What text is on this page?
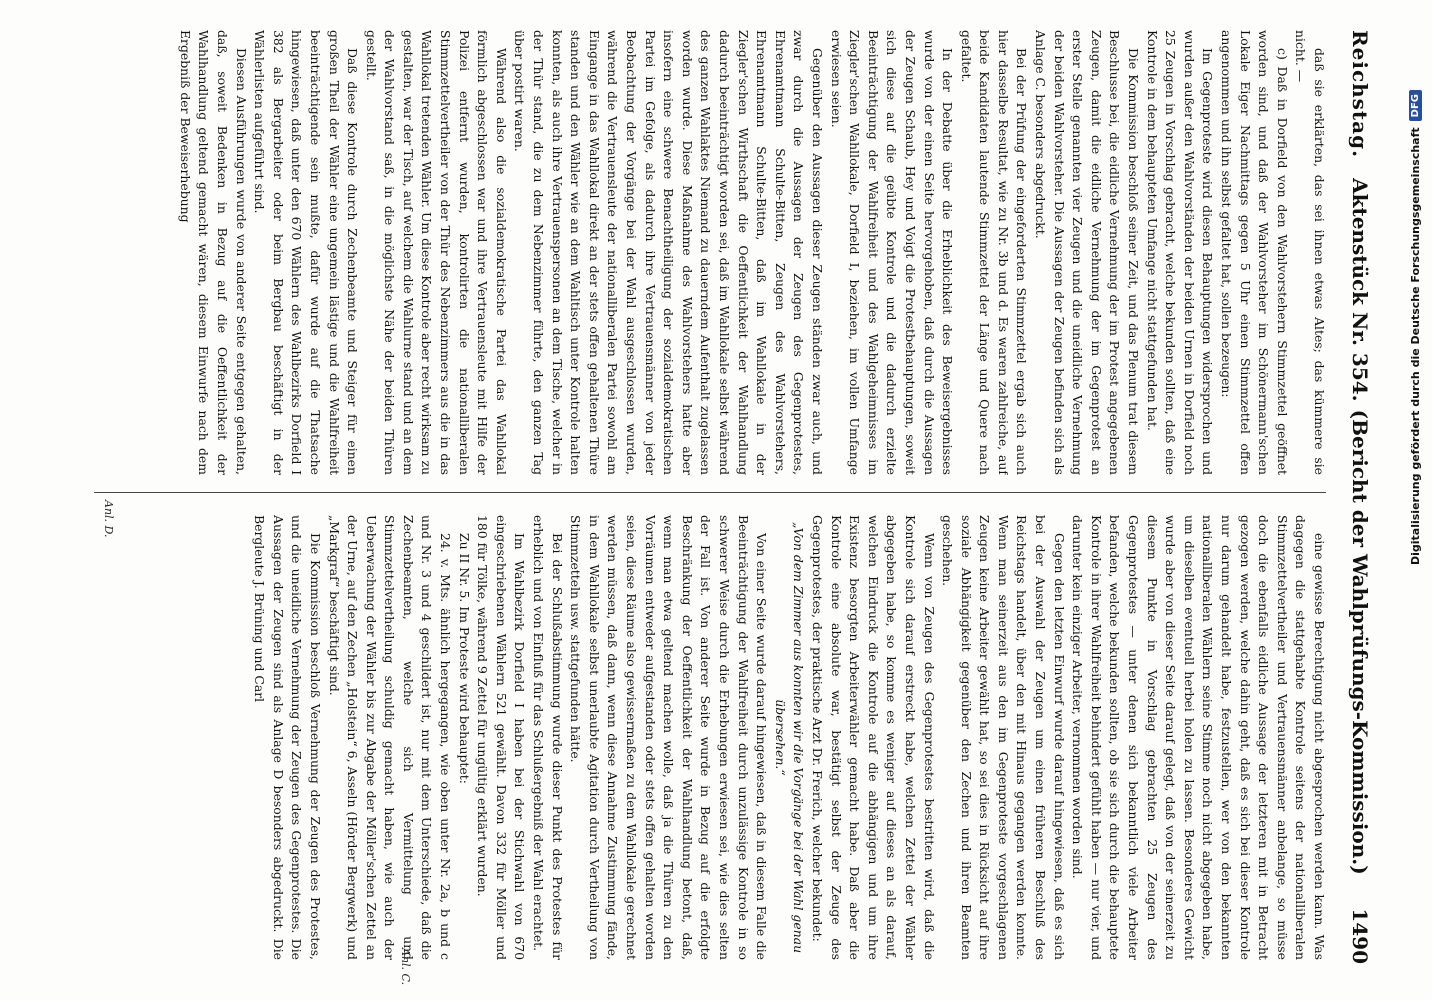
Reichstag.
Aktenstück Nr. 354.
(Bericht der Wahlprüfungs-Kommission.)
1490

daß sie erklärten, das sei ihnen etwas Altes; das kümmere sie nicht. —

c) Daß in Dorfield von den Wahlvorstehern Stimmzettel geöffnet worden sind, und daß der Wahlvorsteher im Schönermann'schen Lokale Eiger Nachmittags gegen 5 Uhr einen Stimmzettel offen angenommen und ihn selbst gefaltet hat, sollen bezeugen:

Im Gegenproteste wird diesen Behauptungen widersprochen und wurden außer den Wahlvorständen der beiden Urnen in Dorfield noch 25 Zeugen in Vorschlag gebracht, welche bekunden sollten, daß eine Kontrole in dem behaupteten Umfange nicht stattgefunden hat.

Die Kommission beschloß seiner Zeit, und das Plenum trat diesem Beschlusse bei, die eidliche Vernehmung der im Protest angegebenen Zeugen, damit die eidliche Vernehmung der im Gegenprotest an erster Stelle genannten vier Zeugen und die uneidliche Vernehmung der beiden Wahlvorsteher. Die Aussagen der Zeugen befinden sich als Anlage C. besonders abgedruckt.

Bei der Prüfung der eingeforderten Stimmzettel ergab sich auch hier dasselbe Resultat, wie zu Nr. 3b und d. Es waren zahlreiche, auf beide Kandidaten lautende Stimmzettel der Länge und Quere nach gefaltet.

In der Debatte über die Erheblichkeit des Beweisergebnisses wurde von der einen Seite hervorgehoben, daß durch die Aussagen der Zeugen Schaub, Hey und Voigt die Protestbehauptungen, soweit sich diese auf die geübte Kontrole und die dadurch erzielte Beeinträchtigung der Wahlfreiheit und des Wahlgeheimnisses im Ziegler'schen Wahllokale, Dorfield I, beziehen, im vollen Umfange erwiesen seien.

Gegenüber den Aussagen dieser Zeugen ständen zwar auch, und zwar durch die Aussagen der Zeugen des Gegenprotestes, Ehrenamtmann Schulte-Bitten, Zeugen des Wahlvorstehers, Ehrenamtmann Schulte-Bitten, daß im Wahllokale in der Ziegler'schen Wirthschaft die Oeffentlichkeit der Wahlhandlung dadurch beeinträchtigt worden sei, daß im Wahllokale selbst während des ganzen Wahlaktes Niemand zu dauerndem Aufenthalt zugelassen worden wurde. Diese Maßnahme des Wahlvorstehers hatte aber insofern eine schwere Benachtheiligung der sozialdemokratischen Partei im Gefolge, als dadurch ihre Vertrauensmänner von jeder Beobachtung der Vorgänge bei der Wahl ausgeschlossen wurden, während die Vertrauensleute der nationalliberalen Partei sowohl am Eingange in das Wahllokal direkt an der stets offen gehaltenen Thüre standen und den Wähler wie an dem Wahltisch unter Kontrole halten konnten, als auch ihre Vertrauenspersonen an dem Tische, welcher in der Thür stand, die zu dem Nebenzimmer führte, den ganzen Tag über postirt waren.

Während also die sozialdemokratische Partei das Wahllokal förmlich abgeschlossen war und ihre Vertrauensleute mit Hilfe der Polizei entfernt wurden, kontrolirten die nationalliberalen Stimmzettelvertheiler von der Thür des Nebenzimmers aus die in das Wahllokal tretenden Wähler. Um diese Kontrole aber recht wirksam zu gestalten, war der Tisch, auf welchem die Wahlurne stand und an dem der Wahlvorstand saß, in die möglichste Nähe der beiden Thüren gestellt.

Daß diese Kontrole durch Zechenbeamte und Steiger für einen großen Theil der Wähler eine ungemein lästige und die Wahlfreiheit beeinträchtigende sein mußte, dafür wurde auf die Thatsache hingewiesen, daß unter den 670 Wählern des Wahlbezirks Dorfield I 382 als Bergarbeiter oder beim Bergbau beschäftigt in der Wählerlisten aufgeführt sind.

Diesen Ausführungen wurde von anderer Seite entgegen gehalten, daß, soweit Bedenken in Bezug auf die Oeffentlichkeit der Wahlhandlung geltend gemacht wären, diesem Einwurfe nach dem Ergebniß der Beweiserhebung

eine gewisse Berechtigung nicht abgesprochen werden kann. Was dagegen die stattgehabte Kontrole seitens der nationalliberalen Stimmzettelvertheiler und Vertrauensmänner anbelange, so müsse doch die ebenfalls eidliche Aussage der letzteren mit in Betracht gezogen werden, welche dahin geht, daß es sich bei dieser Kontrole nur darum gehandelt habe, festzustellen, wer von den bekannten nationalliberalen Wählern seine Stimme noch nicht abgegeben habe, um dieselben eventuell herbei holen zu lassen. Besonderes Gewicht wurde aber von dieser Seite darauf gelegt, daß von der seinerzeit zu diesem Punkte in Vorschlag gebrachten 25 Zeugen des Gegenprotestes — unter denen sich bekanntlich viele Arbeiter befanden, welche bekunden sollten, ob sie sich durch die behauptete Kontrole in ihrer Wahlfreiheit behindert gefühlt haben — nur vier, und darunter kein einziger Arbeiter, vernommen worden sind.

Gegen den letzten Einwurf wurde darauf hingewiesen, daß es sich bei der Auswahl der Zeugen um einen früheren Beschluß des Reichstags handelt, über den mit Hinaus gegangen werden konnte. Wenn man seinerzeit aus den im Gegenproteste vorgeschlagenen Zeugen keine Arbeiter gewählt hat, so sei dies in Rücksicht auf ihre soziale Abhängigkeit gegenüber den Zechen und ihren Beamten geschehen.

Wenn von Zeugen des Gegenprotestes bestritten wird, daß die Kontrole sich darauf erstreckt habe, welchen Zettel der Wähler abgegeben habe, so komme es weniger auf dieses an als darauf, welchen Eindruck die Kontrole auf die abhängigen und um ihre Existenz besorgten Arbeiterwähler gemacht habe. Daß aber die Kontrole eine absolute war, bestätigt selbst der Zeuge des Gegenprotestes, der praktische Arzt Dr. Frerich, welcher bekundet:

„Von dem Zimmer aus konnten wir die Vorgänge bei der Wahl genau übersehen.“

Von einer Seite wurde darauf hingewiesen, daß in diesem Falle die Beeinträchtigung der Wahlfreiheit durch unzulässige Kontrole in so schwerer Weise durch die Erhebungen erwiesen sei, wie dies selten der Fall ist. Von anderer Seite wurde in Bezug auf die erfolgte Beschränkung der Oeffentlichkeit der Wahlhandlung betont, daß, wenn man etwa geltend machen wolle, daß ja die Thüren zu den Vorräumen entweder aufgestanden oder stets offen gehalten worden seien, diese Räume also gewissermaßen zu dem Wahllokale gerechnet werden müssen, daß dann, wenn diese Annahme Zustimmung fände, in dem Wahllokale selbst unerlaubte Agitation durch Vertheilung von Stimmzetteln usw. stattgefunden hätte.

Bei der Schlußabstimmung wurde dieser Punkt des Protestes für erheblich und von Einfluß für das Schlußergebniß der Wahl erachtet.

Im Wahlbezirk Dorfield I haben bei der Stichwahl von 670 eingeschriebenen Wählern 521 gewählt. Davon 332 für Möller und 180 für Tölke, während 9 Zettel für ungültig erklärt wurden.

Zu II Nr. 5. Im Proteste wird behauptet:

24. v. Mts. ähnlich hergegangen, wie oben unter Nr. 2a, b und c und Nr. 3 und 4 geschildert ist, nur mit dem Unterschiede, daß die Zechenbeamten, welche sich Vermittelung und Stimmzettelvertheilung schuldig gemacht haben, wie auch der Ueberwachung der Wähler bis zur Abgabe der Möller'schen Zettel an der Urne, auf den Zechen „Holstein“ 6, Asseln (Hörder Bergwerk) und „Markgraf“ beschäftigt sind.

Die Kommission beschloß Vernehmung der Zeugen des Protestes, und die uneidliche Vernehmung der Zeugen des Gegenprotestes. Die Aussagen der Zeugen sind als Anlage D besonders abgedruckt. Die Bergleute J. Brüning und Carl

Anl. D.
Anl. C.
Digitalisierung gefördert durch die Deutsche Forschungsgemeinschaft
DFG
